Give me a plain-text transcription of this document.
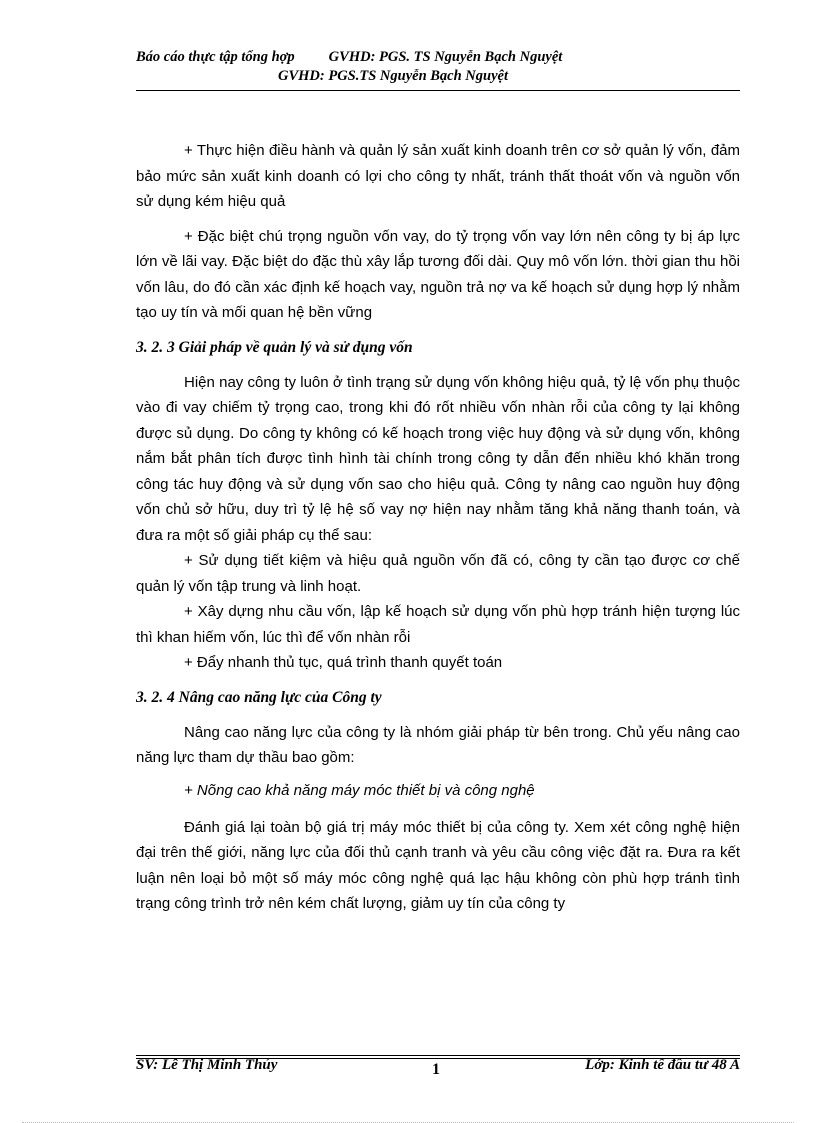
Báo cáo thực tập tổng hợp GVHD: PGS. TS Nguyễn Bạch Nguyệt
GVHD: PGS.TS Nguyễn Bạch Nguyệt

+ Thực hiện điều hành và quản lý sản xuất kinh doanh trên cơ sở quản lý vốn, đảm bảo mức sản xuất kinh doanh có lợi cho công ty nhất, tránh thất thoát vốn và nguồn vốn sử dụng kém hiệu quả

+ Đặc biệt chú trọng nguồn vốn vay, do tỷ trọng vốn vay lớn nên công ty bị áp lực lớn về lãi vay. Đặc biệt do đặc thù xây lắp tương đối dài. Quy mô vốn lớn. thời gian thu hồi vốn lâu, do đó cần xác định kế hoạch vay, nguồn trả nợ va kế hoạch sử dụng hợp lý nhằm tạo uy tín và mối quan hệ bền vững

3. 2. 3 Giải pháp về quản lý và sử dụng vốn

Hiện nay công ty luôn ở tình trạng sử dụng vốn không hiệu quả, tỷ lệ vốn phụ thuộc vào đi vay chiếm tỷ trọng cao, trong khi đó rốt nhiều vốn nhàn rỗi của công ty lại không được sủ dụng. Do công ty không có kế hoạch trong việc huy động và sử dụng vốn, không nắm bắt phân tích được tình hình tài chính trong công ty dẫn đến nhiều khó khăn trong công tác huy động và sử dụng vốn sao cho hiệu quả. Công ty nâng cao nguồn huy động vốn chủ sở hữu, duy trì tỷ lệ hệ số vay nợ hiện nay nhằm tăng khả năng thanh toán, và đưa ra một số giải pháp cụ thể sau:

+ Sử dụng tiết kiệm và hiệu quả nguồn vốn đã có, công ty cần tạo được cơ chế quản lý vốn tập trung và linh hoạt.

+ Xây dựng nhu cầu vốn, lập kế hoạch sử dụng vốn phù hợp tránh hiện tượng lúc thì khan hiếm vốn, lúc thì để vốn nhàn rỗi

+ Đẩy nhanh thủ tục, quá trình thanh quyết toán

3. 2. 4 Nâng cao năng lực của Công ty

Nâng cao năng lực của công ty là nhóm giải pháp từ bên trong. Chủ yếu nâng cao năng lực tham dự thầu bao gồm:

+ Nõng cao khả năng máy móc thiết bị và công nghệ

Đánh giá lại toàn bộ giá trị máy móc thiết bị của công ty. Xem xét công nghệ hiện đại trên thế giới, năng lực của đối thủ cạnh tranh và yêu cầu công việc đặt ra. Đưa ra kết luận nên loại bỏ một số máy móc công nghệ quá lạc hậu không còn phù hợp tránh tình trạng công trình trở nên kém chất lượng, giảm uy tín của công ty

SV: Lê Thị Minh Thủy	1	Lớp: Kinh tế đầu tư 48 A
